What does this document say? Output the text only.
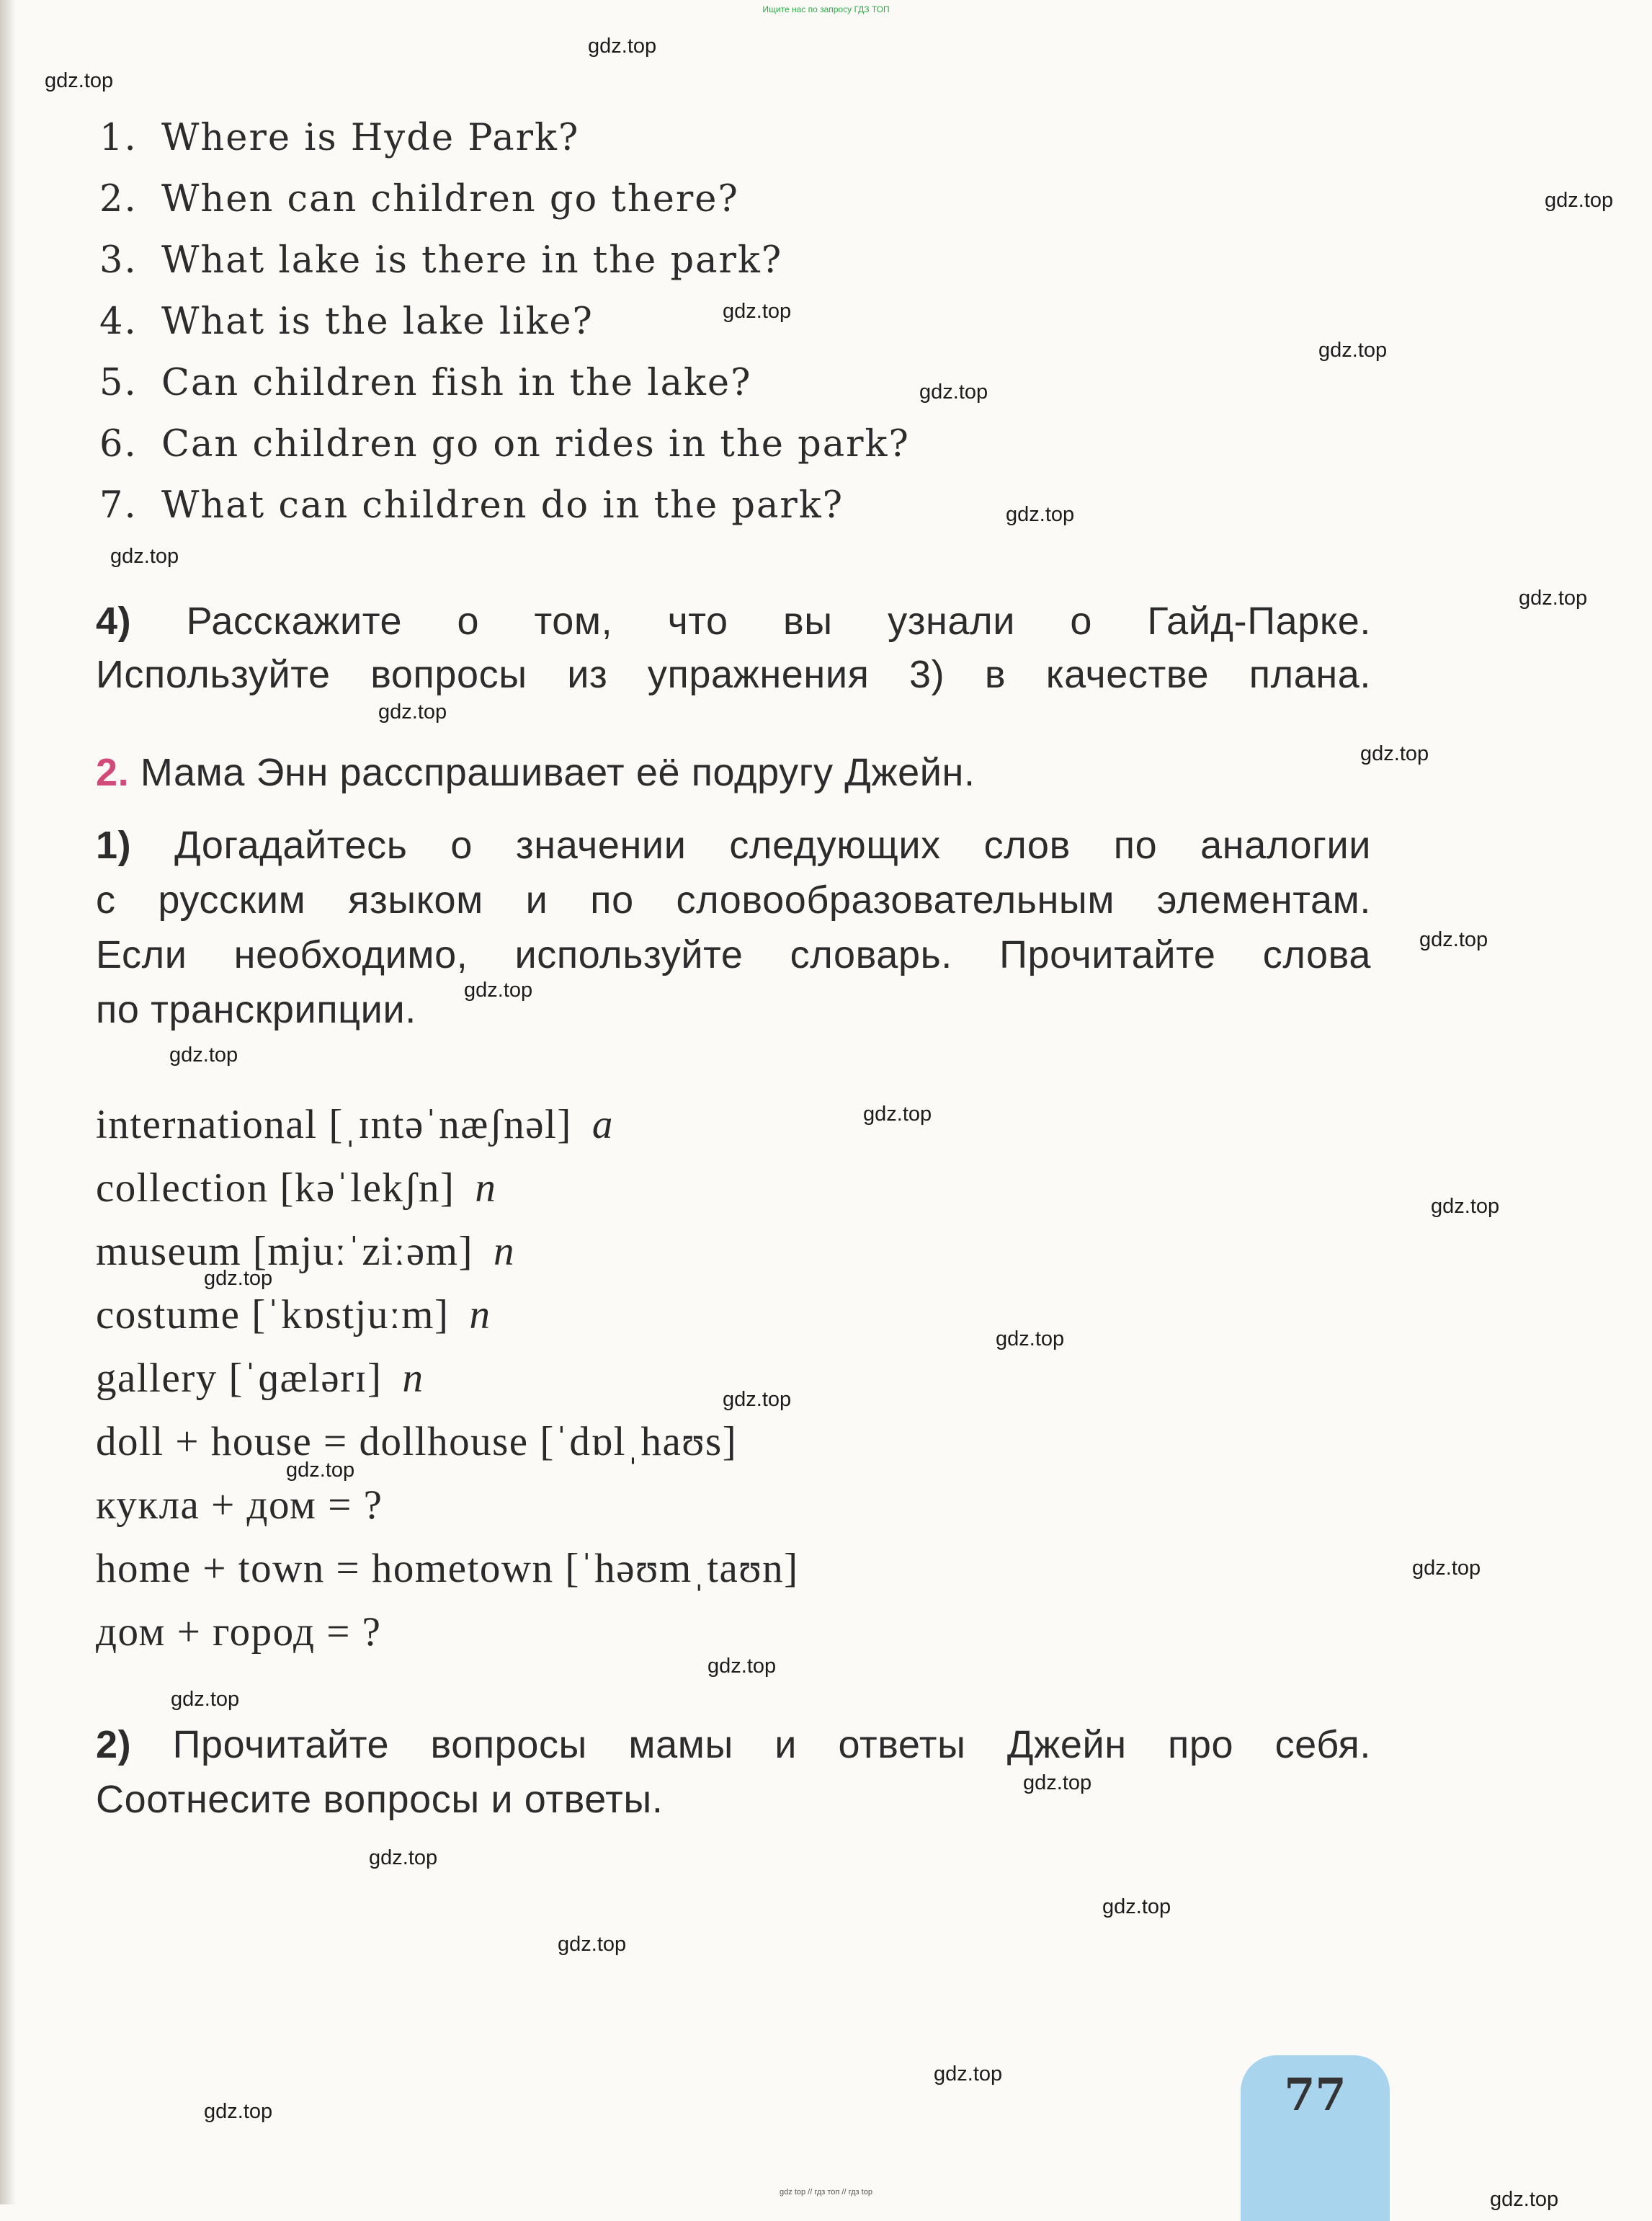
Ищите нас по запросу ГДЗ ТОП
1. Where is Hyde Park?
2. When can children go there?
3. What lake is there in the park?
4. What is the lake like?
5. Can children fish in the lake?
6. Can children go on rides in the park?
7. What can children do in the park?
4) Расскажите о том, что вы узнали о Гайд-Парке.
Используйте вопросы из упражнения 3) в качестве плана.
2. Мама Энн расспрашивает её подругу Джейн.
1) Догадайтесь о значении следующих слов по аналогии
с русским языком и по словообразовательным элементам.
Если необходимо, используйте словарь. Прочитайте слова
по транскрипции.
international [ˌɪntəˈnæʃnəl] a
collection [kəˈlekʃn] n
museum [mjuːˈziːəm] n
costume [ˈkɒstjuːm] n
gallery [ˈɡælərɪ] n
doll + house = dollhouse [ˈdɒlˌhaʊs]
кукла + дом = ?
home + town = hometown [ˈhəʊmˌtaʊn]
дом + город = ?
2) Прочитайте вопросы мамы и ответы Джейн про себя.
Соотнесите вопросы и ответы.
77
gdz.top
gdz.top
gdz.top
gdz.top
gdz.top
gdz.top
gdz.top
gdz.top
gdz.top
gdz.top
gdz.top
gdz.top
gdz.top
gdz.top
gdz.top
gdz.top
gdz.top
gdz.top
gdz.top
gdz.top
gdz.top
gdz.top
gdz.top
gdz.top
gdz.top
gdz.top
gdz.top
gdz.top
gdz.top
gdz.top
gdz top // гдз топ // гдз top
